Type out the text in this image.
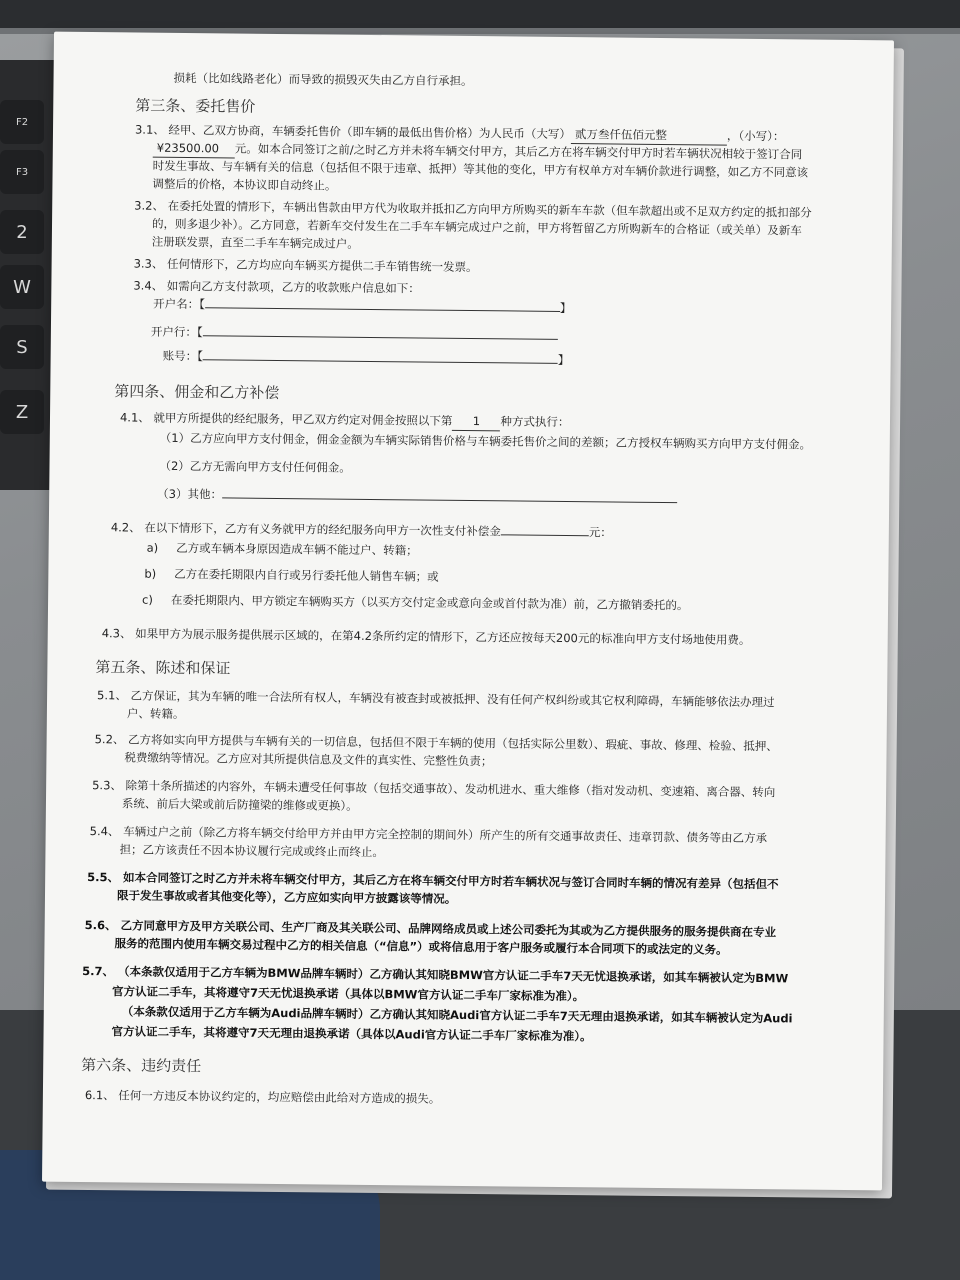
F2
F3
2
W
S
Z
损耗（比如线路老化）而导致的损毁灭失由乙方自行承担。
第三条、委托售价
3.1、 经甲、乙双方协商，车辆委托售价（即车辆的最低出售价格）为人民币（大写） 贰万叁仟伍佰元整	，（小写）：
¥23500.00 元。如本合同签订之前/之时乙方并未将车辆交付甲方，其后乙方在将车辆交付甲方时若车辆状况相较于签订合同
时发生事故、与车辆有关的信息（包括但不限于违章、抵押）等其他的变化，甲方有权单方对车辆价款进行调整，如乙方不同意该
调整后的价格，本协议即自动终止。
3.2、 在委托处置的情形下，车辆出售款由甲方代为收取并抵扣乙方向甲方所购买的新车车款（但车款超出或不足双方约定的抵扣部分
的，则多退少补）。乙方同意，若新车交付发生在二手车车辆完成过户之前，甲方将暂留乙方所购新车的合格证（或关单）及新车
注册联发票，直至二手车车辆完成过户。
3.3、 任何情形下，乙方均应向车辆买方提供二手车销售统一发票。
3.4、 如需向乙方支付款项，乙方的收款账户信息如下：
开户名：【	】
开户行：【
账号：【	】
第四条、佣金和乙方补偿
4.1、 就甲方所提供的经纪服务，甲乙双方约定对佣金按照以下第 1 种方式执行：
（1）乙方应向甲方支付佣金，佣金金额为车辆实际销售价格与车辆委托售价之间的差额；乙方授权车辆购买方向甲方支付佣金。
（2）乙方无需向甲方支付任何佣金。
（3）其他：
4.2、 在以下情形下，乙方有义务就甲方的经纪服务向甲方一次性支付补偿金	元：
a) 乙方或车辆本身原因造成车辆不能过户、转籍；
b) 乙方在委托期限内自行或另行委托他人销售车辆；或
c) 在委托期限内、甲方锁定车辆购买方（以买方交付定金或意向金或首付款为准）前，乙方撤销委托的。
4.3、 如果甲方为展示服务提供展示区域的，在第4.2条所约定的情形下，乙方还应按每天200元的标准向甲方支付场地使用费。
第五条、陈述和保证
5.1、 乙方保证，其为车辆的唯一合法所有权人，车辆没有被查封或被抵押、没有任何产权纠纷或其它权利障碍，车辆能够依法办理过
户、转籍。
5.2、 乙方将如实向甲方提供与车辆有关的一切信息，包括但不限于车辆的使用（包括实际公里数）、瑕疵、事故、修理、检验、抵押、
税费缴纳等情况。乙方应对其所提供信息及文件的真实性、完整性负责；
5.3、 除第十条所描述的内容外，车辆未遭受任何事故（包括交通事故）、发动机进水、重大维修（指对发动机、变速箱、离合器、转向
系统、前后大梁或前后防撞梁的维修或更换）。
5.4、 车辆过户之前（除乙方将车辆交付给甲方并由甲方完全控制的期间外）所产生的所有交通事故责任、违章罚款、债务等由乙方承
担；乙方该责任不因本协议履行完成或终止而终止。
5.5、 如本合同签订之时乙方并未将车辆交付甲方，其后乙方在将车辆交付甲方时若车辆状况与签订合同时车辆的情况有差异（包括但不
限于发生事故或者其他变化等），乙方应如实向甲方披露该等情况。
5.6、 乙方同意甲方及甲方关联公司、生产厂商及其关联公司、品牌网络成员或上述公司委托为其或为乙方提供服务的服务提供商在专业
服务的范围内使用车辆交易过程中乙方的相关信息（“信息”）或将信息用于客户服务或履行本合同项下的或法定的义务。
5.7、 （本条款仅适用于乙方车辆为BMW品牌车辆时）乙方确认其知晓BMW官方认证二手车7天无忧退换承诺，如其车辆被认定为BMW
官方认证二手车，其将遵守7天无忧退换承诺（具体以BMW官方认证二手车厂家标准为准）。
（本条款仅适用于乙方车辆为Audi品牌车辆时）乙方确认其知晓Audi官方认证二手车7天无理由退换承诺，如其车辆被认定为Audi
官方认证二手车，其将遵守7天无理由退换承诺（具体以Audi官方认证二手车厂家标准为准）。
第六条、违约责任
6.1、 任何一方违反本协议约定的，均应赔偿由此给对方造成的损失。
